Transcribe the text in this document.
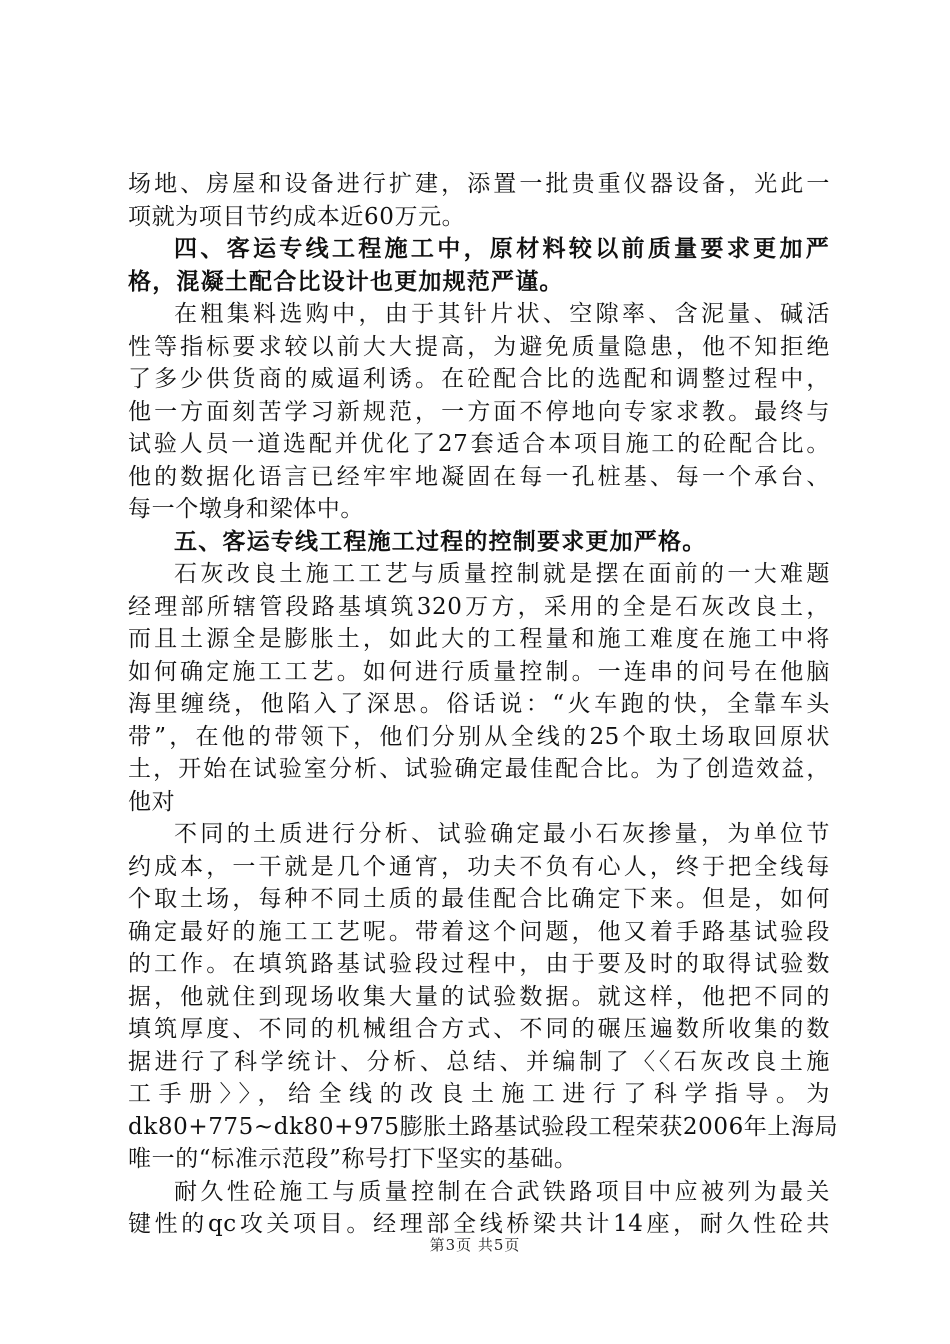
场地、房屋和设备进行扩建，添置一批贵重仪器设备，光此一
项就为项目节约成本近60万元。
四、客运专线工程施工中，原材料较以前质量要求更加严
格，混凝土配合比设计也更加规范严谨。
在粗集料选购中，由于其针片状、空隙率、含泥量、碱活
性等指标要求较以前大大提高，为避免质量隐患，他不知拒绝
了多少供货商的威逼利诱。在砼配合比的选配和调整过程中，
他一方面刻苦学习新规范，一方面不停地向专家求教。最终与
试验人员一道选配并优化了27套适合本项目施工的砼配合比。
他的数据化语言已经牢牢地凝固在每一孔桩基、每一个承台、
每一个墩身和梁体中。
五、客运专线工程施工过程的控制要求更加严格。
石灰改良土施工工艺与质量控制就是摆在面前的一大难题
经理部所辖管段路基填筑320万方，采用的全是石灰改良土，
而且土源全是膨胀土，如此大的工程量和施工难度在施工中将
如何确定施工工艺。如何进行质量控制。一连串的问号在他脑
海里缠绕，他陷入了深思。俗话说：“火车跑的快，全靠车头
带”，在他的带领下，他们分别从全线的25个取土场取回原状
土，开始在试验室分析、试验确定最佳配合比。为了创造效益，
他对
不同的土质进行分析、试验确定最小石灰掺量，为单位节
约成本，一干就是几个通宵，功夫不负有心人，终于把全线每
个取土场，每种不同土质的最佳配合比确定下来。但是，如何
确定最好的施工工艺呢。带着这个问题，他又着手路基试验段
的工作。在填筑路基试验段过程中，由于要及时的取得试验数
据，他就住到现场收集大量的试验数据。就这样，他把不同的
填筑厚度、不同的机械组合方式、不同的碾压遍数所收集的数
据进行了科学统计、分析、总结、并编制了〈〈石灰改良土施
工手册〉〉，给全线的改良土施工进行了科学指导。为
dk80+775~dk80+975膨胀土路基试验段工程荣获2006年上海局
唯一的“标准示范段”称号打下坚实的基础。
耐久性砼施工与质量控制在合武铁路项目中应被列为最关
键性的qc攻关项目。经理部全线桥梁共计14座，耐久性砼共
第3页 共5页
